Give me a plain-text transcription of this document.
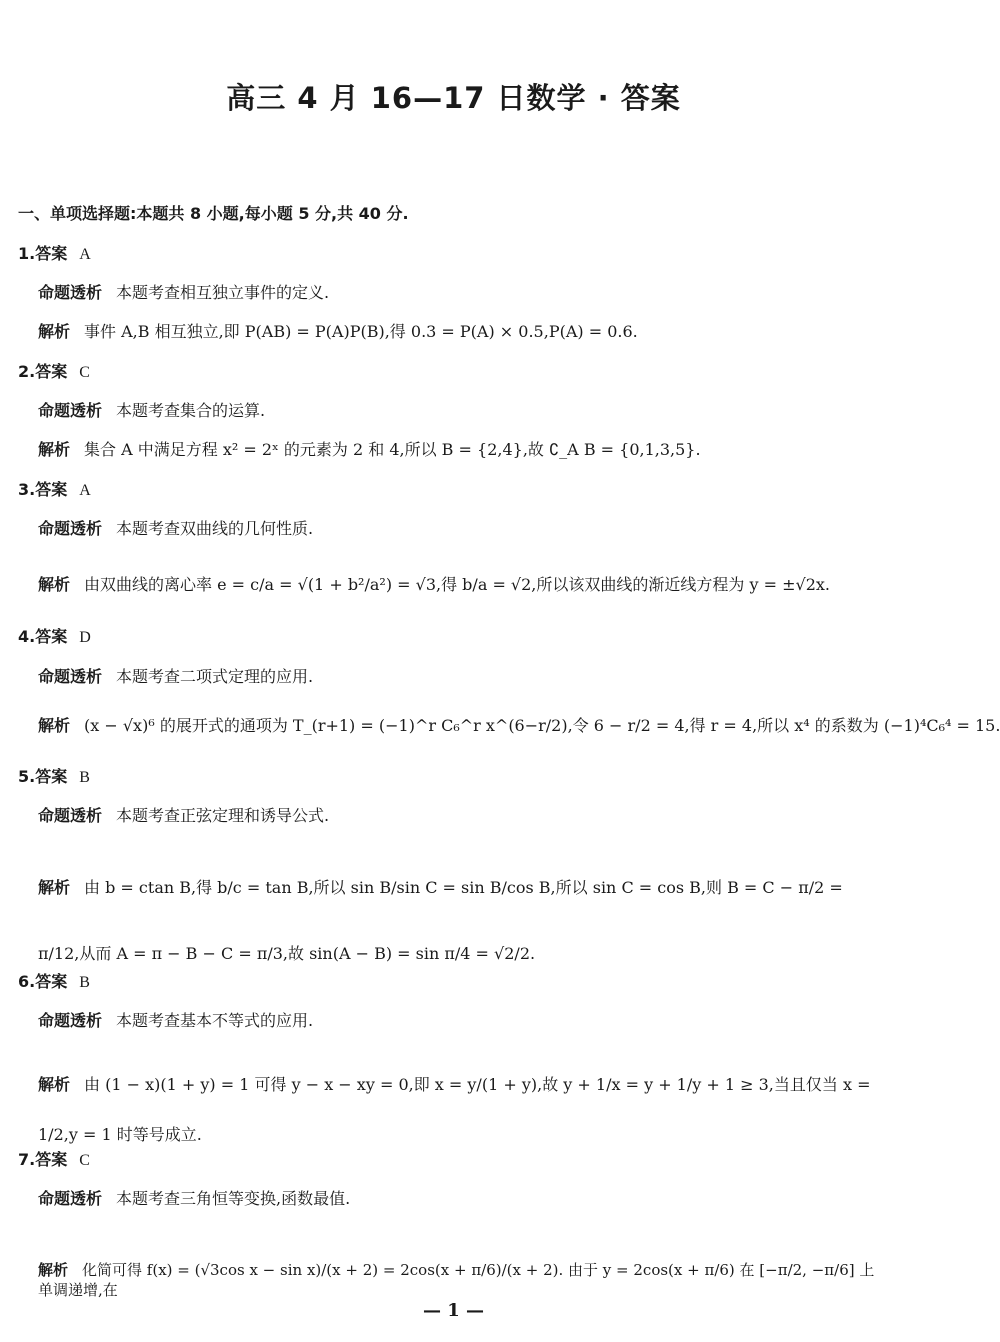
高三 4 月 16—17 日数学 · 答案
一、单项选择题:本题共 8 小题,每小题 5 分,共 40 分.
1.答案 A
命题透析 本题考查相互独立事件的定义.
解析 事件 A,B 相互独立,即 P(AB) = P(A)P(B),得 0.3 = P(A) × 0.5,P(A) = 0.6.
2.答案 C
命题透析 本题考查集合的运算.
解析 集合 A 中满足方程 x² = 2ˣ 的元素为 2 和 4,所以 B = {2,4},故 ∁_A B = {0,1,3,5}.
3.答案 A
命题透析 本题考查双曲线的几何性质.
解析 由双曲线的离心率 e = c/a = √(1 + b²/a²) = √3,得 b/a = √2,所以该双曲线的渐近线方程为 y = ±√2x.
4.答案 D
命题透析 本题考查二项式定理的应用.
解析 (x − √x)⁶ 的展开式的通项为 T_(r+1) = (−1)^r C₆^r x^(6−r/2),令 6 − r/2 = 4,得 r = 4,所以 x⁴ 的系数为 (−1)⁴C₆⁴ = 15.
5.答案 B
命题透析 本题考查正弦定理和诱导公式.
解析 由 b = ctan B,得 b/c = tan B,所以 sin B/sin C = sin B/cos B,所以 sin C = cos B,则 B = C − π/2 = π/12,从而 A = π − B − C = π/3,故 sin(A − B) = sin π/4 = √2/2.
6.答案 B
命题透析 本题考查基本不等式的应用.
解析 由 (1 − x)(1 + y) = 1 可得 y − x − xy = 0,即 x = y/(1 + y),故 y + 1/x = y + 1/y + 1 ≥ 3,当且仅当 x = 1/2,y = 1 时等号成立.
7.答案 C
命题透析 本题考查三角恒等变换,函数最值.
解析 化简可得 f(x) = (√3cos x − sin x)/(x + 2) = 2cos(x + π/6)/(x + 2). 由于 y = 2cos(x + π/6) 在 [−π/2, −π/6] 上单调递增,在
— 1 —
